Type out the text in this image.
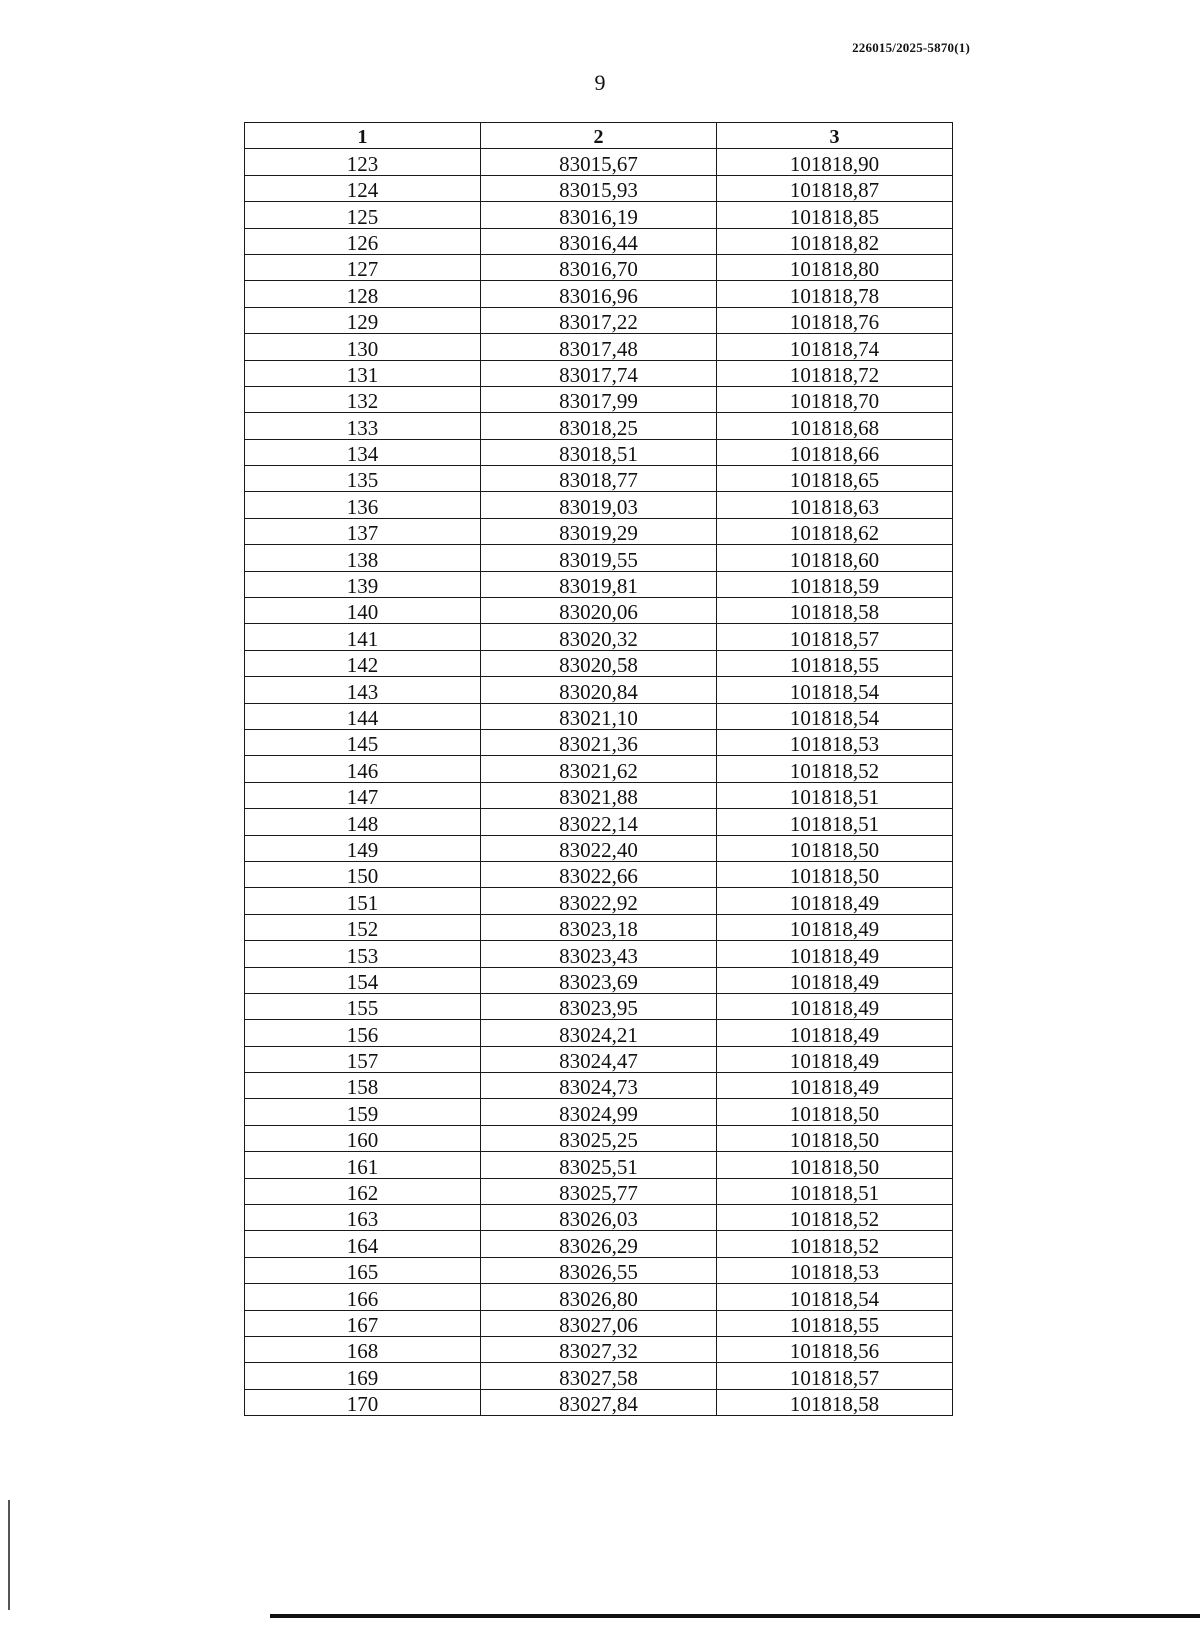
226015/2025-5870(1)
9
1	2	3
123	83015,67	101818,90
124	83015,93	101818,87
125	83016,19	101818,85
126	83016,44	101818,82
127	83016,70	101818,80
128	83016,96	101818,78
129	83017,22	101818,76
130	83017,48	101818,74
131	83017,74	101818,72
132	83017,99	101818,70
133	83018,25	101818,68
134	83018,51	101818,66
135	83018,77	101818,65
136	83019,03	101818,63
137	83019,29	101818,62
138	83019,55	101818,60
139	83019,81	101818,59
140	83020,06	101818,58
141	83020,32	101818,57
142	83020,58	101818,55
143	83020,84	101818,54
144	83021,10	101818,54
145	83021,36	101818,53
146	83021,62	101818,52
147	83021,88	101818,51
148	83022,14	101818,51
149	83022,40	101818,50
150	83022,66	101818,50
151	83022,92	101818,49
152	83023,18	101818,49
153	83023,43	101818,49
154	83023,69	101818,49
155	83023,95	101818,49
156	83024,21	101818,49
157	83024,47	101818,49
158	83024,73	101818,49
159	83024,99	101818,50
160	83025,25	101818,50
161	83025,51	101818,50
162	83025,77	101818,51
163	83026,03	101818,52
164	83026,29	101818,52
165	83026,55	101818,53
166	83026,80	101818,54
167	83027,06	101818,55
168	83027,32	101818,56
169	83027,58	101818,57
170	83027,84	101818,58
